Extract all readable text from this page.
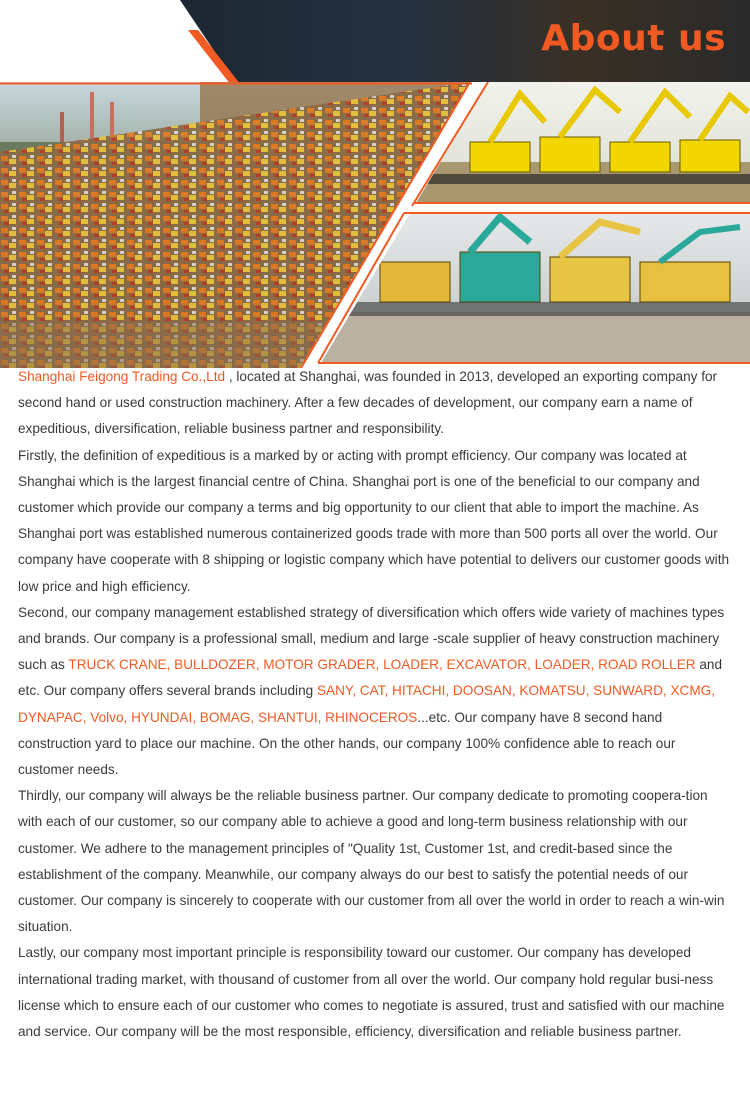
About us

Shanghai Feigong Trading Co.,Ltd , located at Shanghai, was founded in 2013, developed an exporting company for second hand or used construction machinery. After a few decades of development, our company earn a name of expeditious, diversification, reliable business partner and responsibility.

Firstly, the definition of expeditious is a marked by or acting with prompt efficiency. Our company was located at Shanghai which is the largest financial centre of China. Shanghai port is one of the beneficial to our company and customer which provide our company a terms and big opportunity to our client that able to import the machine. As Shanghai port was established numerous containerized goods trade with more than 500 ports all over the world. Our company have cooperate with 8 shipping or logistic company which have potential to delivers our customer goods with low price and high efficiency.

Second, our company management established strategy of diversification which offers wide variety of machines types and brands. Our company is a professional small, medium and large -scale supplier of heavy construction machinery such as TRUCK CRANE, BULLDOZER, MOTOR GRADER, LOADER, EXCAVATOR, LOADER, ROAD ROLLER and etc. Our company offers several brands including SANY, CAT, HITACHI, DOOSAN, KOMATSU, SUNWARD, XCMG, DYNAPAC, Volvo, HYUNDAI, BOMAG, SHANTUI, RHINOCEROS...etc. Our company have 8 second hand construction yard to place our machine. On the other hands, our company 100% confidence able to reach our customer needs.

Thirdly, our company will always be the reliable business partner. Our company dedicate to promoting coopera-tion with each of our customer, so our company able to achieve a good and long-term business relationship with our customer. We adhere to the management principles of "Quality 1st, Customer 1st, and credit-based since the establishment of the company. Meanwhile, our company always do our best to satisfy the potential needs of our customer. Our company is sincerely to cooperate with our customer from all over the world in order to reach a win-win situation.

Lastly, our company most important principle is responsibility toward our customer. Our company has developed international trading market, with thousand of customer from all over the world. Our company hold regular busi-ness license which to ensure each of our customer who comes to negotiate is assured, trust and satisfied with our machine and service. Our company will be the most responsible, efficiency, diversification and reliable business partner.
